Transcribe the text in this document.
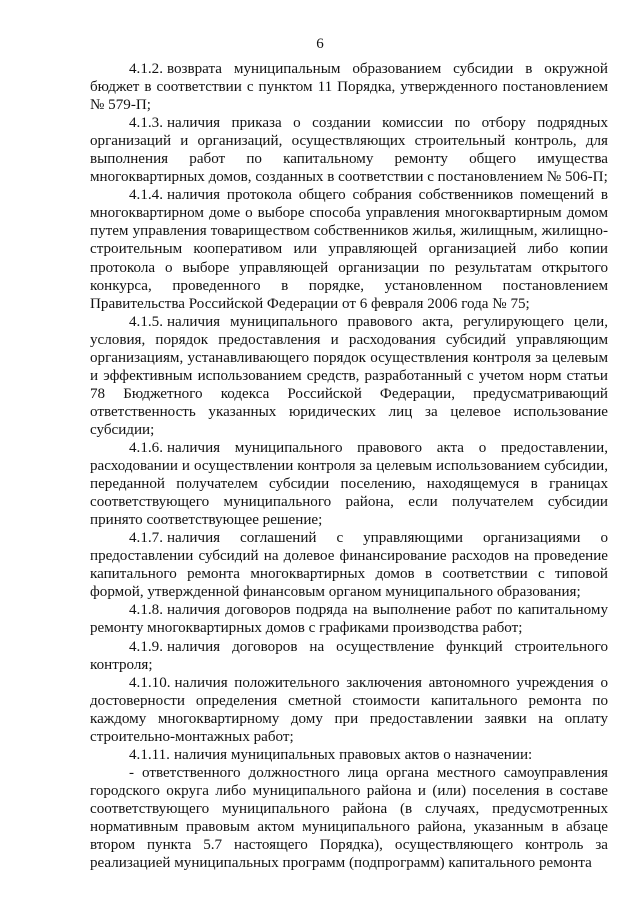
6

4.1.2. возврата муниципальным образованием субсидии в окружной бюджет в соответствии с пунктом 11 Порядка, утвержденного постановлением № 579-П;

4.1.3. наличия приказа о создании комиссии по отбору подрядных организаций и организаций, осуществляющих строительный контроль, для выполнения работ по капитальному ремонту общего имущества многоквартирных домов, созданных в соответствии с постановлением № 506-П;

4.1.4. наличия протокола общего собрания собственников помещений в многоквартирном доме о выборе способа управления многоквартирным домом путем управления товариществом собственников жилья, жилищным, жилищно-строительным кооперативом или управляющей организацией либо копии протокола о выборе управляющей организации по результатам открытого конкурса, проведенного в порядке, установленном постановлением Правительства Российской Федерации от 6 февраля 2006 года № 75;

4.1.5. наличия муниципального правового акта, регулирующего цели, условия, порядок предоставления и расходования субсидий управляющим организациям, устанавливающего порядок осуществления контроля за целевым и эффективным использованием средств, разработанный с учетом норм статьи 78 Бюджетного кодекса Российской Федерации, предусматривающий ответственность указанных юридических лиц за целевое использование субсидии;

4.1.6. наличия муниципального правового акта о предоставлении, расходовании и осуществлении контроля за целевым использованием субсидии, переданной получателем субсидии поселению, находящемуся в границах соответствующего муниципального района, если получателем субсидии принято соответствующее решение;

4.1.7. наличия соглашений с управляющими организациями о предоставлении субсидий на долевое финансирование расходов на проведение капитального ремонта многоквартирных домов в соответствии с типовой формой, утвержденной финансовым органом муниципального образования;

4.1.8. наличия договоров подряда на выполнение работ по капитальному ремонту многоквартирных домов с графиками производства работ;

4.1.9. наличия договоров на осуществление функций строительного контроля;

4.1.10. наличия положительного заключения автономного учреждения о достоверности определения сметной стоимости капитального ремонта по каждому многоквартирному дому при предоставлении заявки на оплату строительно-монтажных работ;

4.1.11. наличия муниципальных правовых актов о назначении:

- ответственного должностного лица органа местного самоуправления городского округа либо муниципального района и (или) поселения в составе соответствующего муниципального района (в случаях, предусмотренных нормативным правовым актом муниципального района, указанным в абзаце втором пункта 5.7 настоящего Порядка), осуществляющего контроль за реализацией муниципальных программ (подпрограмм) капитального ремонта
